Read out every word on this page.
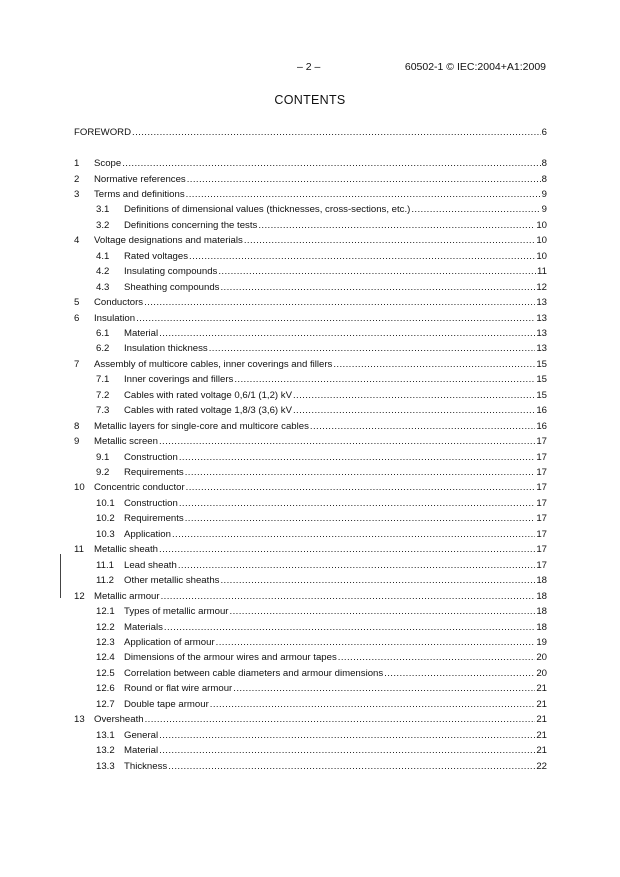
– 2 –	60502-1 © IEC:2004+A1:2009
CONTENTS
FOREWORD .....	6
1	Scope .....	8
2	Normative references .....	8
3	Terms and definitions .....	9
3.1	Definitions of dimensional values (thicknesses, cross-sections, etc.) .....	9
3.2	Definitions concerning the tests .....	10
4	Voltage designations and materials .....	10
4.1	Rated voltages .....	10
4.2	Insulating compounds .....	11
4.3	Sheathing compounds .....	12
5	Conductors .....	13
6	Insulation .....	13
6.1	Material .....	13
6.2	Insulation thickness .....	13
7	Assembly of multicore cables, inner coverings and fillers .....	15
7.1	Inner coverings and fillers .....	15
7.2	Cables with rated voltage 0,6/1 (1,2) kV .....	15
7.3	Cables with rated voltage 1,8/3 (3,6) kV .....	16
8	Metallic layers for single-core and multicore cables .....	16
9	Metallic screen .....	17
9.1	Construction .....	17
9.2	Requirements .....	17
10 Concentric conductor .....	17
10.1 Construction .....	17
10.2 Requirements .....	17
10.3 Application .....	17
11	Metallic sheath .....	17
11.1	Lead sheath .....	17
11.2	Other metallic sheaths .....	18
12 Metallic armour .....	18
12.1 Types of metallic armour .....	18
12.2 Materials .....	18
12.3 Application of armour .....	19
12.4 Dimensions of the armour wires and armour tapes .....	20
12.5 Correlation between cable diameters and armour dimensions .....	20
12.6 Round or flat wire armour .....	21
12.7 Double tape armour .....	21
13 Oversheath .....	21
13.1 General .....	21
13.2 Material .....	21
13.3 Thickness .....	22
